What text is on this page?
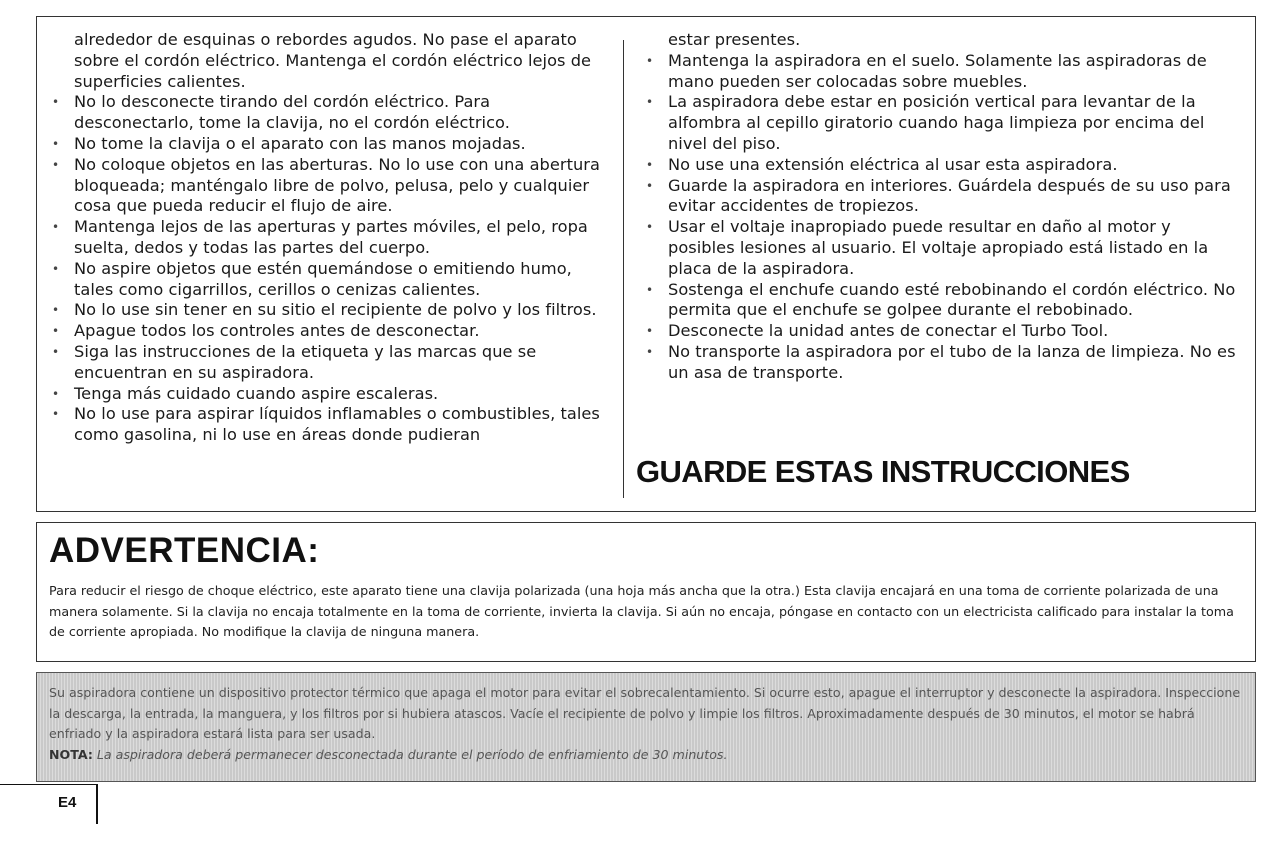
alrededor de esquinas o rebordes agudos. No pase el aparato sobre el cordón eléctrico. Mantenga el cordón eléctrico lejos de superficies calientes.

• No lo desconecte tirando del cordón eléctrico. Para desconectarlo, tome la clavija, no el cordón eléctrico.
• No tome la clavija o el aparato con las manos mojadas.
• No coloque objetos en las aberturas. No lo use con una abertura bloqueada; manténgalo libre de polvo, pelusa, pelo y cualquier cosa que pueda reducir el flujo de aire.
• Mantenga lejos de las aperturas y partes móviles, el pelo, ropa suelta, dedos y todas las partes del cuerpo.
• No aspire objetos que estén quemándose o emitiendo humo, tales como cigarrillos, cerillos o cenizas calientes.
• No lo use sin tener en su sitio el recipiente de polvo y los filtros.
• Apague todos los controles antes de desconectar.
• Siga las instrucciones de la etiqueta y las marcas que se encuentran en su aspiradora.
• Tenga más cuidado cuando aspire escaleras.
• No lo use para aspirar líquidos inflamables o combustibles, tales como gasolina, ni lo use en áreas donde pudieran

estar presentes.

• Mantenga la aspiradora en el suelo. Solamente las aspiradoras de mano pueden ser colocadas sobre muebles.
• La aspiradora debe estar en posición vertical para levantar de la alfombra al cepillo giratorio cuando haga limpieza por encima del nivel del piso.
• No use una extensión eléctrica al usar esta aspiradora.
• Guarde la aspiradora en interiores. Guárdela después de su uso para evitar accidentes de tropiezos.
• Usar el voltaje inapropiado puede resultar en daño al motor y posibles lesiones al usuario. El voltaje apropiado está listado en la placa de la aspiradora.
• Sostenga el enchufe cuando esté rebobinando el cordón eléctrico. No permita que el enchufe se golpee durante el rebobinado.
• Desconecte la unidad antes de conectar el Turbo Tool.
• No transporte la aspiradora por el tubo de la lanza de limpieza. No es un asa de transporte.
GUARDE ESTAS INSTRUCCIONES
ADVERTENCIA:

Para reducir el riesgo de choque eléctrico, este aparato tiene una clavija polarizada (una hoja más ancha que la otra.) Esta clavija encajará en una toma de corriente polarizada de una manera solamente. Si la clavija no encaja totalmente en la toma de corriente, invierta la clavija. Si aún no encaja, póngase en contacto con un electricista calificado para instalar la toma de corriente apropiada. No modifique la clavija de ninguna manera.

Su aspiradora contiene un dispositivo protector térmico que apaga el motor para evitar el sobrecalentamiento. Si ocurre esto, apague el interruptor y desconecte la aspiradora. Inspeccione la descarga, la entrada, la manguera, y los filtros por si hubiera atascos. Vacíe el recipiente de polvo y limpie los filtros. Aproximadamente después de 30 minutos, el motor se habrá enfriado y la aspiradora estará lista para ser usada.

NOTA: La aspiradora deberá permanecer desconectada durante el período de enfriamiento de 30 minutos.

E4
